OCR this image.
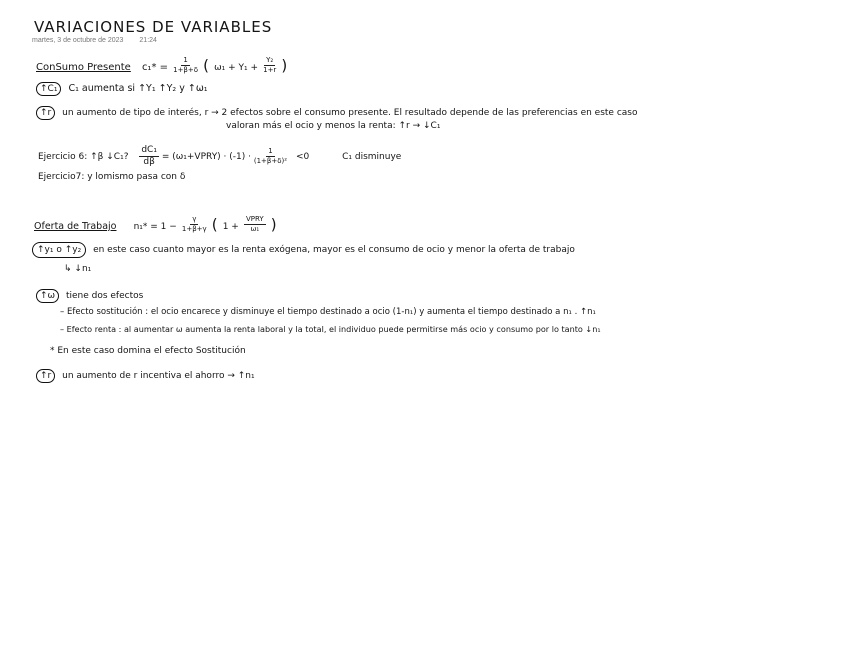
VARIACIONES DE VARIABLES
martes, 3 de octubre de 2023 21:24
ConSumo Presente $c_1* = \frac{1}{1+\beta+\delta}$ ( $\omega_1 + Y_1 + \frac{\text{Y₂}}{1+r}$ )
↑C₁ C₁ aumenta si ↑Y₁ ↑Y₂ y ↑ω₁
↑r un aumento de tipo de interés, r → 2 efectos sobre el consumo presente. El resultado depende de las preferencias en este caso
valoran más el ocio y menos la renta: ↑r → ↓C₁
Ejercicio 6: ↑β ↓C₁? $\frac{\text{dC₁}}{d\beta}$ = (ω₁+VPRY) · $(-1) \cdot \frac{1}{\text{(1+β+δ)²}} <0$	C₁ disminuye
Ejercicio7: y lomismo pasa con δ
Oferta de Trabajo $n_1* = 1 - \frac{\gamma}{1+\beta+\gamma}$ ( $1 + \frac{\text{VPRY}}{\text{ω₁}}$ )
↑y₁ o ↑y₂ en este caso cuanto mayor es la renta exógena, mayor es el consumo de ocio y menor la oferta de trabajo
↳ ↓n₁
↑ω tiene dos efectos
– Efecto sostitución : el ocio encarece y disminuye el tiempo destinado a ocio (1-n₁) y aumenta el tiempo destinado a n₁ . ↑n₁
– Efecto renta : al aumentar ω aumenta la renta laboral y la total, el individuo puede permitirse más ocio y consumo por lo tanto ↓n₁
* En este caso domina el efecto Sostitución
↑r un aumento de r incentiva el ahorro → ↑n₁
